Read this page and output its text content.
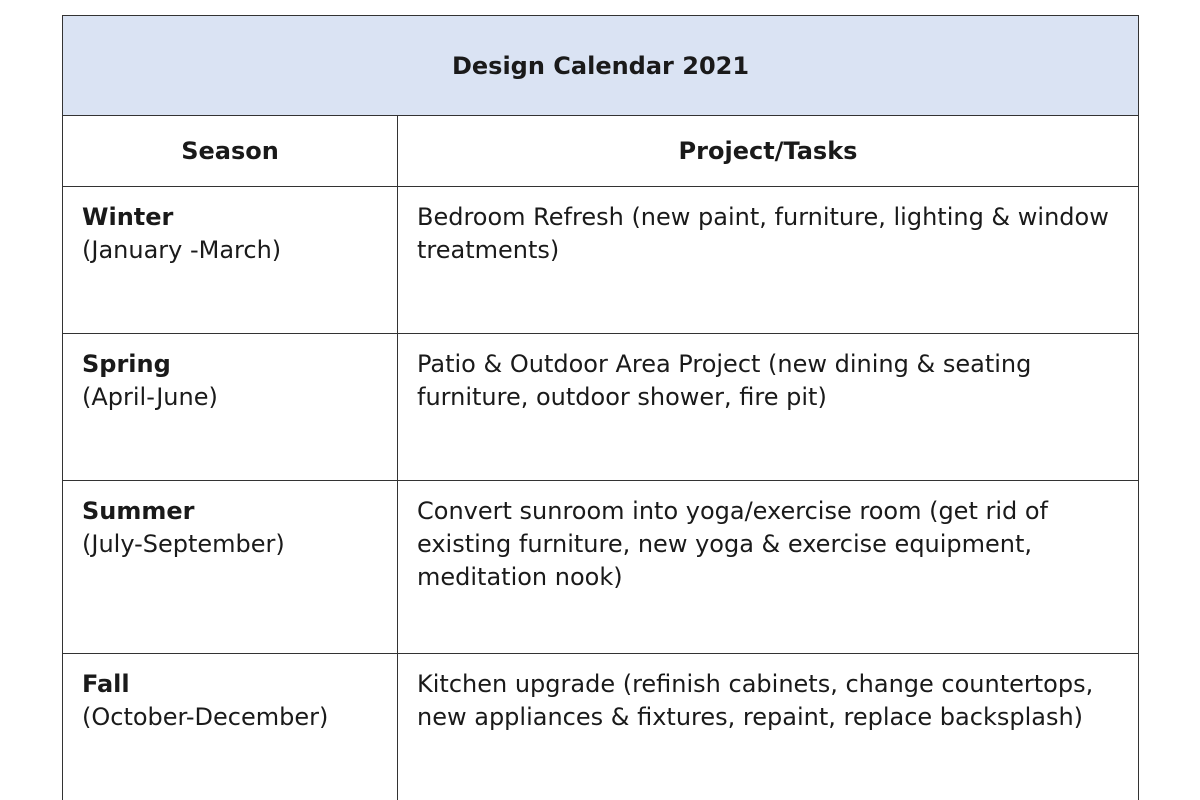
Design Calendar 2021	
Season	Project/Tasks

Winter
(January -March)	Bedroom Refresh (new paint, furniture, lighting & window treatments)

Spring
(April-June)	Patio & Outdoor Area Project (new dining & seating furniture, outdoor shower, fire pit)

Summer
(July-September)	Convert sunroom into yoga/exercise room (get rid of existing furniture, new yoga & exercise equipment, meditation nook)

Fall
(October-December)	Kitchen upgrade (refinish cabinets, change countertops, new appliances & fixtures, repaint, replace backsplash)
